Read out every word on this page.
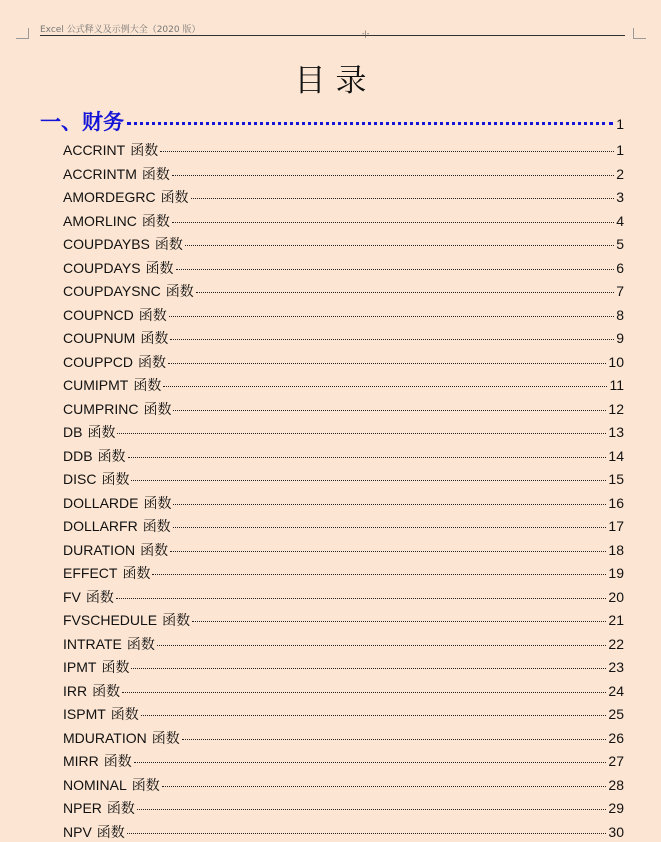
Excel 公式释义及示例大全（2020 版）	-|-
目录
一、财务	1
ACCRINT 函数	1
ACCRINTM 函数	2
AMORDEGRC 函数	3
AMORLINC 函数	4
COUPDAYBS 函数	5
COUPDAYS 函数	6
COUPDAYSNC 函数	7
COUPNCD 函数	8
COUPNUM 函数	9
COUPPCD 函数	10
CUMIPMT 函数	11
CUMPRINC 函数	12
DB 函数	13
DDB 函数	14
DISC 函数	15
DOLLARDE 函数	16
DOLLARFR 函数	17
DURATION 函数	18
EFFECT 函数	19
FV 函数	20
FVSCHEDULE 函数	21
INTRATE 函数	22
IPMT 函数	23
IRR 函数	24
ISPMT 函数	25
MDURATION 函数	26
MIRR 函数	27
NOMINAL 函数	28
NPER 函数	29
NPV 函数	30
